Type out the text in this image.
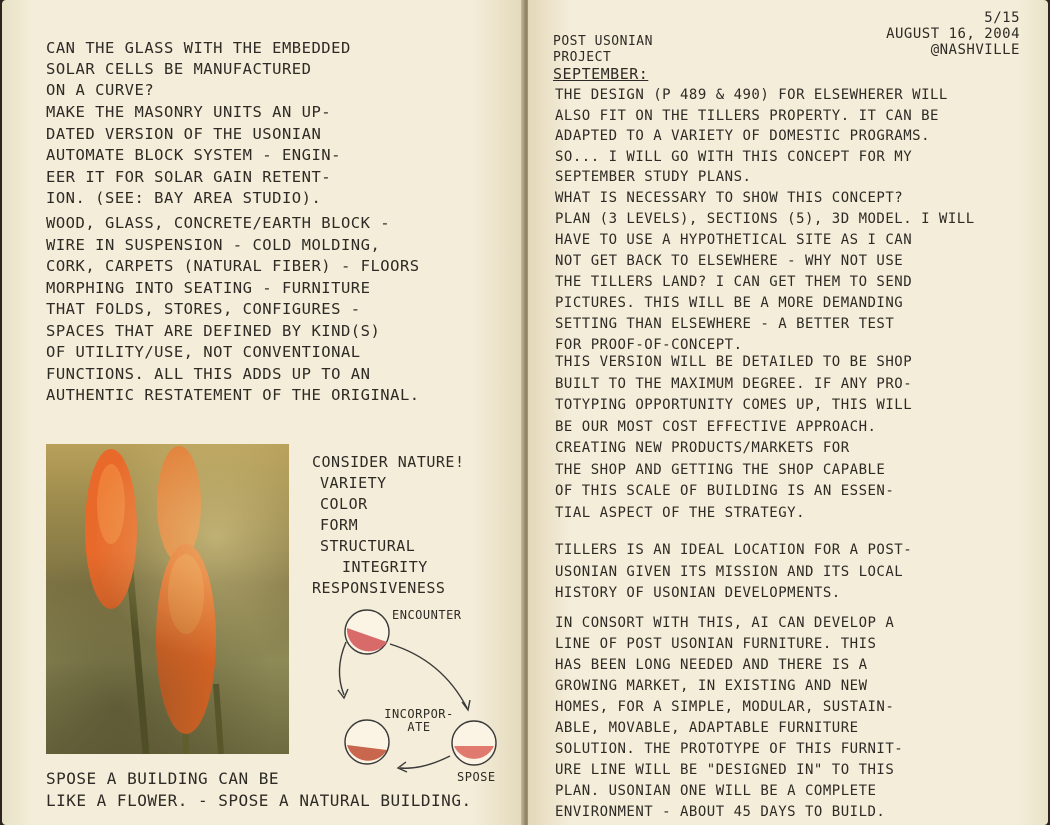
CAN THE GLASS WITH THE EMBEDDED

SOLAR CELLS BE MANUFACTURED

ON A CURVE?

MAKE THE MASONRY UNITS AN UP-

DATED VERSION OF THE USONIAN

AUTOMATE BLOCK SYSTEM - ENGIN-

EER IT FOR SOLAR GAIN RETENT-

ION. (SEE: BAY AREA STUDIO).

WOOD, GLASS, CONCRETE/EARTH BLOCK -

WIRE IN SUSPENSION - COLD MOLDING,

CORK, CARPETS (NATURAL FIBER) - FLOORS

MORPHING INTO SEATING - FURNITURE

THAT FOLDS, STORES, CONFIGURES -

SPACES THAT ARE DEFINED BY KIND(S)

OF UTILITY/USE, NOT CONVENTIONAL

FUNCTIONS. ALL THIS ADDS UP TO AN

AUTHENTIC RESTATEMENT OF THE ORIGINAL.

CONSIDER NATURE!

VARIETY

COLOR

FORM

STRUCTURAL

INTEGRITY

RESPONSIVENESS

ENCOUNTER
INCORPOR- ATE
SPOSE

SPOSE A BUILDING CAN BE

LIKE A FLOWER. - SPOSE A NATURAL BUILDING.

POST USONIAN

PROJECT

SEPTEMBER:

5/15

AUGUST 16, 2004

@NASHVILLE

THE DESIGN (P 489 & 490) FOR ELSEWHERER WILL

ALSO FIT ON THE TILLERS PROPERTY. IT CAN BE

ADAPTED TO A VARIETY OF DOMESTIC PROGRAMS.

SO... I WILL GO WITH THIS CONCEPT FOR MY

SEPTEMBER STUDY PLANS.

WHAT IS NECESSARY TO SHOW THIS CONCEPT?

PLAN (3 LEVELS), SECTIONS (5), 3D MODEL. I WILL

HAVE TO USE A HYPOTHETICAL SITE AS I CAN

NOT GET BACK TO ELSEWHERE - WHY NOT USE

THE TILLERS LAND? I CAN GET THEM TO SEND

PICTURES. THIS WILL BE A MORE DEMANDING

SETTING THAN ELSEWHERE - A BETTER TEST

FOR PROOF-OF-CONCEPT.

THIS VERSION WILL BE DETAILED TO BE SHOP

BUILT TO THE MAXIMUM DEGREE. IF ANY PRO-

TOTYPING OPPORTUNITY COMES UP, THIS WILL

BE OUR MOST COST EFFECTIVE APPROACH.

CREATING NEW PRODUCTS/MARKETS FOR

THE SHOP AND GETTING THE SHOP CAPABLE

OF THIS SCALE OF BUILDING IS AN ESSEN-

TIAL ASPECT OF THE STRATEGY.

TILLERS IS AN IDEAL LOCATION FOR A POST-

USONIAN GIVEN ITS MISSION AND ITS LOCAL

HISTORY OF USONIAN DEVELOPMENTS.

IN CONSORT WITH THIS, AI CAN DEVELOP A

LINE OF POST USONIAN FURNITURE. THIS

HAS BEEN LONG NEEDED AND THERE IS A

GROWING MARKET, IN EXISTING AND NEW

HOMES, FOR A SIMPLE, MODULAR, SUSTAIN-

ABLE, MOVABLE, ADAPTABLE FURNITURE

SOLUTION. THE PROTOTYPE OF THIS FURNIT-

URE LINE WILL BE "DESIGNED IN" TO THIS

PLAN. USONIAN ONE WILL BE A COMPLETE

ENVIRONMENT - ABOUT 45 DAYS TO BUILD.
